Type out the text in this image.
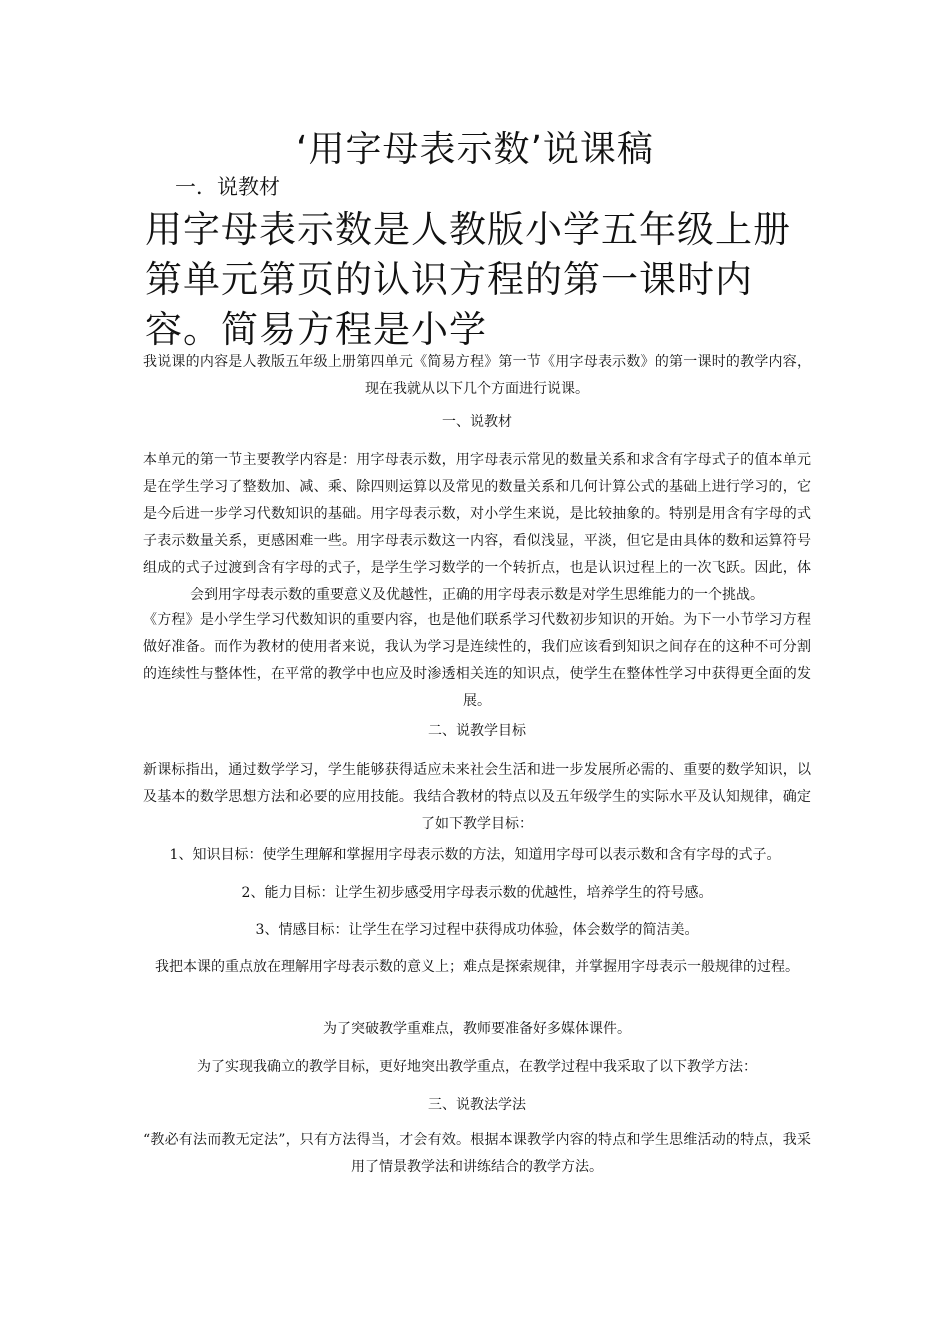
‘用字母表示数’说课稿
一．说教材
用字母表示数是人教版小学五年级上册第单元第页的认识方程的第一课时内容。简易方程是小学

我说课的内容是人教版五年级上册第四单元《简易方程》第一节《用字母表示数》的第一课时的教学内容，现在我就从以下几个方面进行说课。

一、说教材

本单元的第一节主要教学内容是：用字母表示数，用字母表示常见的数量关系和求含有字母式子的值本单元是在学生学习了整数加、减、乘、除四则运算以及常见的数量关系和几何计算公式的基础上进行学习的，它是今后进一步学习代数知识的基础。用字母表示数，对小学生来说，是比较抽象的。特别是用含有字母的式子表示数量关系，更感困难一些。用字母表示数这一内容，看似浅显，平淡，但它是由具体的数和运算符号组成的式子过渡到含有字母的式子，是学生学习数学的一个转折点，也是认识过程上的一次飞跃。因此，体会到用字母表示数的重要意义及优越性，正确的用字母表示数是对学生思维能力的一个挑战。

《方程》是小学生学习代数知识的重要内容，也是他们联系学习代数初步知识的开始。为下一小节学习方程做好准备。而作为教材的使用者来说，我认为学习是连续性的，我们应该看到知识之间存在的这种不可分割的连续性与整体性，在平常的教学中也应及时渗透相关连的知识点，使学生在整体性学习中获得更全面的发展。

二、说教学目标

新课标指出，通过数学学习，学生能够获得适应未来社会生活和进一步发展所必需的、重要的数学知识，以及基本的数学思想方法和必要的应用技能。我结合教材的特点以及五年级学生的实际水平及认知规律，确定了如下教学目标：

1、知识目标：使学生理解和掌握用字母表示数的方法，知道用字母可以表示数和含有字母的式子。

2、能力目标：让学生初步感受用字母表示数的优越性，培养学生的符号感。

3、情感目标：让学生在学习过程中获得成功体验，体会数学的简洁美。

我把本课的重点放在理解用字母表示数的意义上；难点是探索规律，并掌握用字母表示一般规律的过程。

为了突破教学重难点，教师要准备好多媒体课件。

为了实现我确立的教学目标，更好地突出教学重点，在教学过程中我采取了以下教学方法：

三、说教法学法

“教必有法而教无定法”，只有方法得当，才会有效。根据本课教学内容的特点和学生思维活动的特点，我采用了情景教学法和讲练结合的教学方法。
